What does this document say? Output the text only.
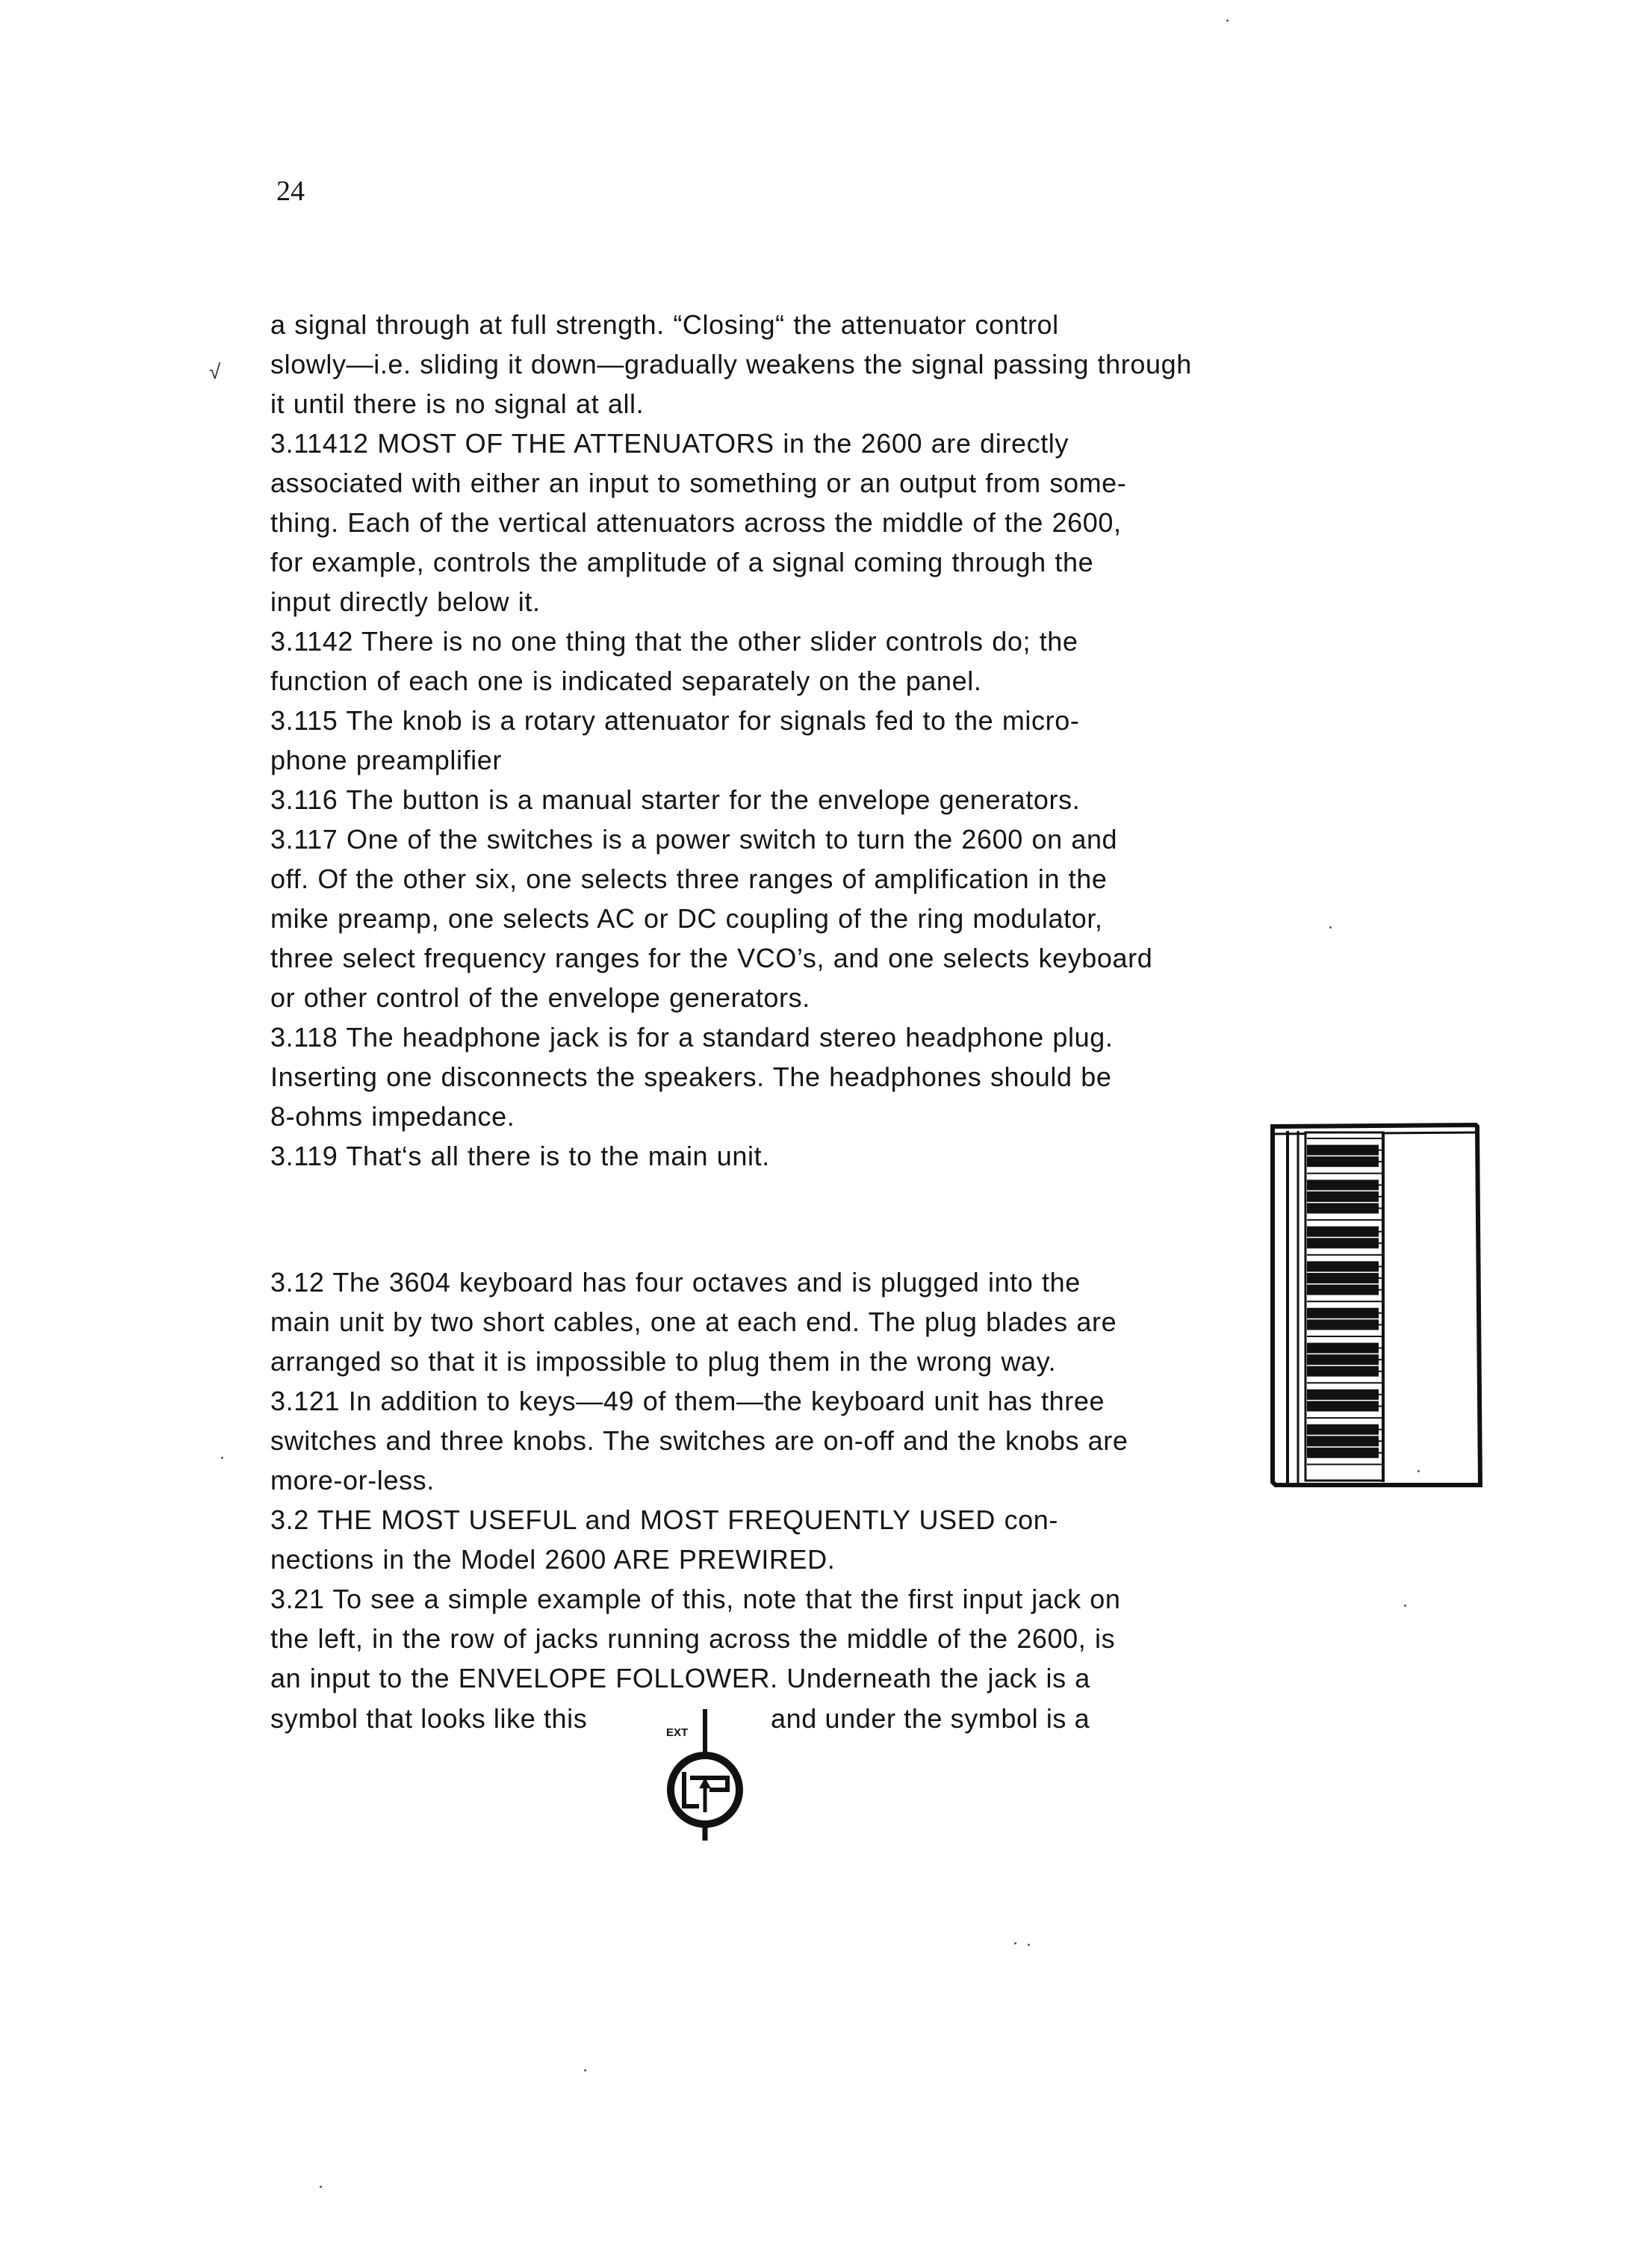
24
√
a signal through at full strength. “Closing“ the attenuator control
slowly—i.e. sliding it down—gradually weakens the signal passing through
it until there is no signal at all.
3.11412 MOST OF THE ATTENUATORS in the 2600 are directly
associated with either an input to something or an output from some-
thing. Each of the vertical attenuators across the middle of the 2600,
for example, controls the amplitude of a signal coming through the
input directly below it.
3.1142 There is no one thing that the other slider controls do; the
function of each one is indicated separately on the panel.
3.115 The knob is a rotary attenuator for signals fed to the micro-
phone preamplifier
3.116 The button is a manual starter for the envelope generators.
3.117 One of the switches is a power switch to turn the 2600 on and
off. Of the other six, one selects three ranges of amplification in the
mike preamp, one selects AC or DC coupling of the ring modulator,
three select frequency ranges for the VCO’s, and one selects keyboard
or other control of the envelope generators.
3.118 The headphone jack is for a standard stereo headphone plug.
Inserting one disconnects the speakers. The headphones should be
8-ohms impedance.
3.119 That‘s all there is to the main unit.
3.12 The 3604 keyboard has four octaves and is plugged into the
main unit by two short cables, one at each end. The plug blades are
arranged so that it is impossible to plug them in the wrong way.
3.121 In addition to keys—49 of them—the keyboard unit has three
switches and three knobs. The switches are on-off and the knobs are
more-or-less.
3.2 THE MOST USEFUL and MOST FREQUENTLY USED con-
nections in the Model 2600 ARE PREWIRED.
3.21 To see a simple example of this, note that the first input jack on
the left, in the row of jacks running across the middle of the 2600, is
an input to the ENVELOPE FOLLOWER. Underneath the jack is a
symbol that looks like this	and under the symbol is a
EXT
